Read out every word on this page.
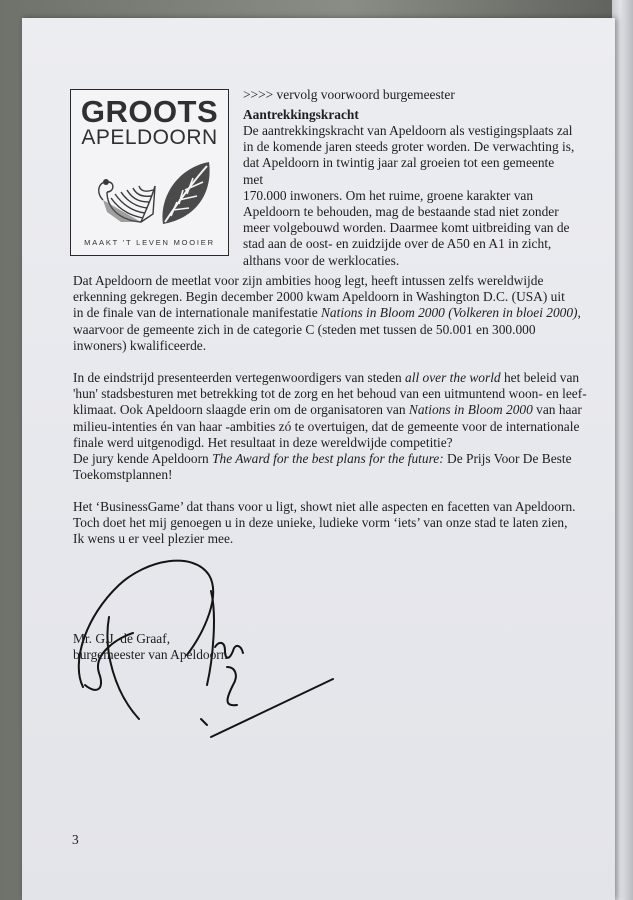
GROOTS
APELDOORN
MAAKT 'T LEVEN MOOIER
>>>> vervolg voorwoord burgemeester
Aantrekkingskracht
De aantrekkingskracht van Apeldoorn als vestigingsplaats zal
in de komende jaren steeds groter worden. De verwachting is,
dat Apeldoorn in twintig jaar zal groeien tot een gemeente met
170.000 inwoners. Om het ruime, groene karakter van
Apeldoorn te behouden, mag de bestaande stad niet zonder
meer volgebouwd worden. Daarmee komt uitbreiding van de
stad aan de oost- en zuidzijde over de A50 en A1 in zicht,
althans voor de werklocaties.
Dat Apeldoorn de meetlat voor zijn ambities hoog legt, heeft intussen zelfs wereldwijde
erkenning gekregen. Begin december 2000 kwam Apeldoorn in Washington D.C. (USA) uit
in de finale van de internationale manifestatie Nations in Bloom 2000 (Volkeren in bloei 2000),
waarvoor de gemeente zich in de categorie C (steden met tussen de 50.001 en 300.000
inwoners) kwalificeerde.
In de eindstrijd presenteerden vertegenwoordigers van steden all over the world het beleid van
'hun' stadsbesturen met betrekking tot de zorg en het behoud van een uitmuntend woon- en leef-
klimaat. Ook Apeldoorn slaagde erin om de organisatoren van Nations in Bloom 2000 van haar
milieu-intenties én van haar -ambities zó te overtuigen, dat de gemeente voor de internationale
finale werd uitgenodigd. Het resultaat in deze wereldwijde competitie?
De jury kende Apeldoorn The Award for the best plans for the future: De Prijs Voor De Beste
Toekomstplannen!
Het ‘BusinessGame’ dat thans voor u ligt, showt niet alle aspecten en facetten van Apeldoorn.
Toch doet het mij genoegen u in deze unieke, ludieke vorm ‘iets’ van onze stad te laten zien,
Ik wens u er veel plezier mee.
Mr. G.J. de Graaf,
burgemeester van Apeldoorn
3
